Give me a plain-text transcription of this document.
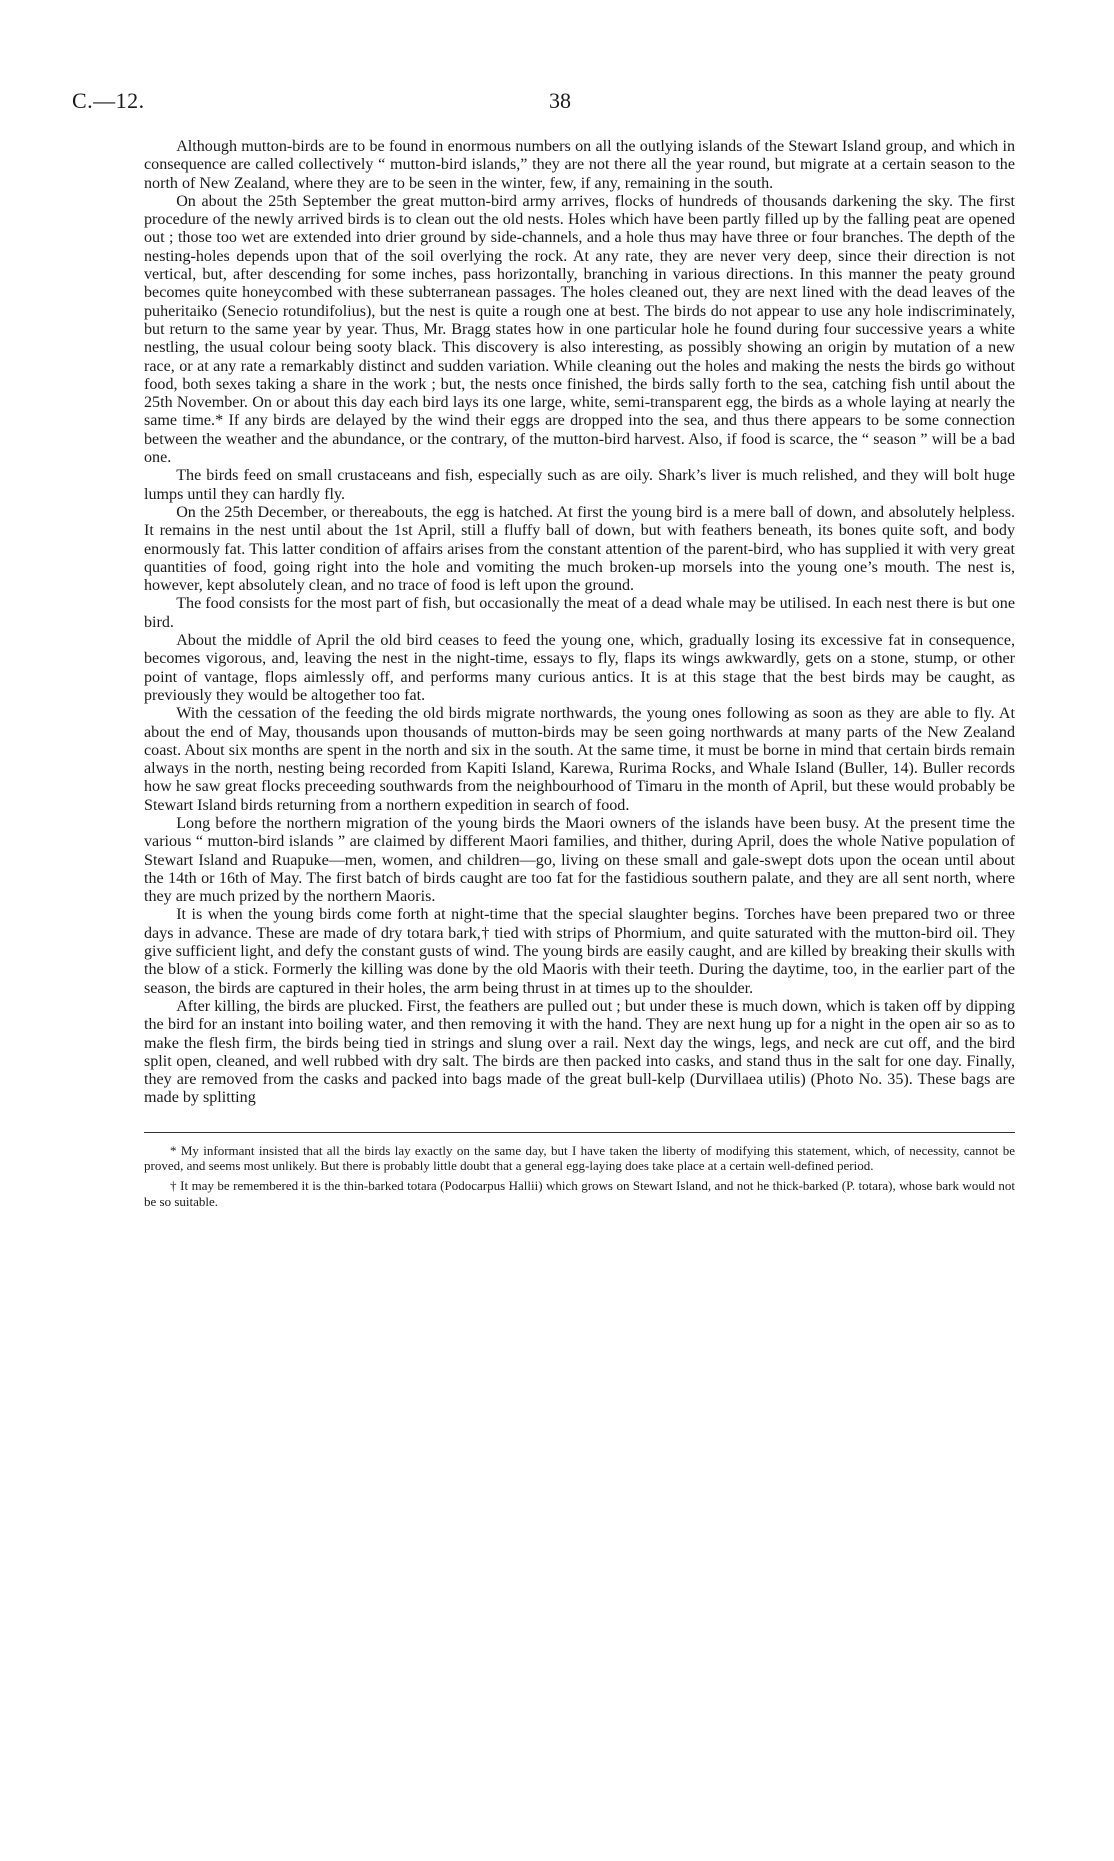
C.—12.	38

Although mutton-birds are to be found in enormous numbers on all the outlying islands of the Stewart Island group, and which in consequence are called collectively “ mutton-bird islands,” they are not there all the year round, but migrate at a certain season to the north of New Zealand, where they are to be seen in the winter, few, if any, remaining in the south.

On about the 25th September the great mutton-bird army arrives, flocks of hundreds of thousands darkening the sky. The first procedure of the newly arrived birds is to clean out the old nests. Holes which have been partly filled up by the falling peat are opened out ; those too wet are extended into drier ground by side-channels, and a hole thus may have three or four branches. The depth of the nesting-holes depends upon that of the soil overlying the rock. At any rate, they are never very deep, since their direction is not vertical, but, after descending for some inches, pass horizontally, branching in various directions. In this manner the peaty ground becomes quite honeycombed with these subterranean passages. The holes cleaned out, they are next lined with the dead leaves of the puheritaiko (Senecio rotundifolius), but the nest is quite a rough one at best. The birds do not appear to use any hole indiscriminately, but return to the same year by year. Thus, Mr. Bragg states how in one particular hole he found during four successive years a white nestling, the usual colour being sooty black. This discovery is also interesting, as possibly showing an origin by mutation of a new race, or at any rate a remarkably distinct and sudden variation. While cleaning out the holes and making the nests the birds go without food, both sexes taking a share in the work ; but, the nests once finished, the birds sally forth to the sea, catching fish until about the 25th November. On or about this day each bird lays its one large, white, semi-transparent egg, the birds as a whole laying at nearly the same time.* If any birds are delayed by the wind their eggs are dropped into the sea, and thus there appears to be some connection between the weather and the abundance, or the contrary, of the mutton-bird harvest. Also, if food is scarce, the “ season ” will be a bad one.

The birds feed on small crustaceans and fish, especially such as are oily. Shark’s liver is much relished, and they will bolt huge lumps until they can hardly fly.

On the 25th December, or thereabouts, the egg is hatched. At first the young bird is a mere ball of down, and absolutely helpless. It remains in the nest until about the 1st April, still a fluffy ball of down, but with feathers beneath, its bones quite soft, and body enormously fat. This latter condition of affairs arises from the constant attention of the parent-bird, who has supplied it with very great quantities of food, going right into the hole and vomiting the much broken-up morsels into the young one’s mouth. The nest is, however, kept absolutely clean, and no trace of food is left upon the ground.

The food consists for the most part of fish, but occasionally the meat of a dead whale may be utilised. In each nest there is but one bird.

About the middle of April the old bird ceases to feed the young one, which, gradually losing its excessive fat in consequence, becomes vigorous, and, leaving the nest in the night-time, essays to fly, flaps its wings awkwardly, gets on a stone, stump, or other point of vantage, flops aimlessly off, and performs many curious antics. It is at this stage that the best birds may be caught, as previously they would be altogether too fat.

With the cessation of the feeding the old birds migrate northwards, the young ones following as soon as they are able to fly. At about the end of May, thousands upon thousands of mutton-birds may be seen going northwards at many parts of the New Zealand coast. About six months are spent in the north and six in the south. At the same time, it must be borne in mind that certain birds remain always in the north, nesting being recorded from Kapiti Island, Karewa, Rurima Rocks, and Whale Island (Buller, 14). Buller records how he saw great flocks preceeding southwards from the neighbourhood of Timaru in the month of April, but these would probably be Stewart Island birds returning from a northern expedition in search of food.

Long before the northern migration of the young birds the Maori owners of the islands have been busy. At the present time the various “ mutton-bird islands ” are claimed by different Maori families, and thither, during April, does the whole Native population of Stewart Island and Ruapuke—men, women, and children—go, living on these small and gale-swept dots upon the ocean until about the 14th or 16th of May. The first batch of birds caught are too fat for the fastidious southern palate, and they are all sent north, where they are much prized by the northern Maoris.

It is when the young birds come forth at night-time that the special slaughter begins. Torches have been prepared two or three days in advance. These are made of dry totara bark,† tied with strips of Phormium, and quite saturated with the mutton-bird oil. They give sufficient light, and defy the constant gusts of wind. The young birds are easily caught, and are killed by breaking their skulls with the blow of a stick. Formerly the killing was done by the old Maoris with their teeth. During the daytime, too, in the earlier part of the season, the birds are captured in their holes, the arm being thrust in at times up to the shoulder.

After killing, the birds are plucked. First, the feathers are pulled out ; but under these is much down, which is taken off by dipping the bird for an instant into boiling water, and then removing it with the hand. They are next hung up for a night in the open air so as to make the flesh firm, the birds being tied in strings and slung over a rail. Next day the wings, legs, and neck are cut off, and the bird split open, cleaned, and well rubbed with dry salt. The birds are then packed into casks, and stand thus in the salt for one day. Finally, they are removed from the casks and packed into bags made of the great bull-kelp (Durvillaea utilis) (Photo No. 35). These bags are made by splitting

* My informant insisted that all the birds lay exactly on the same day, but I have taken the liberty of modifying this statement, which, of necessity, cannot be proved, and seems most unlikely. But there is probably little doubt that a general egg-laying does take place at a certain well-defined period.

† It may be remembered it is the thin-barked totara (Podocarpus Hallii) which grows on Stewart Island, and not he thick-barked (P. totara), whose bark would not be so suitable.
